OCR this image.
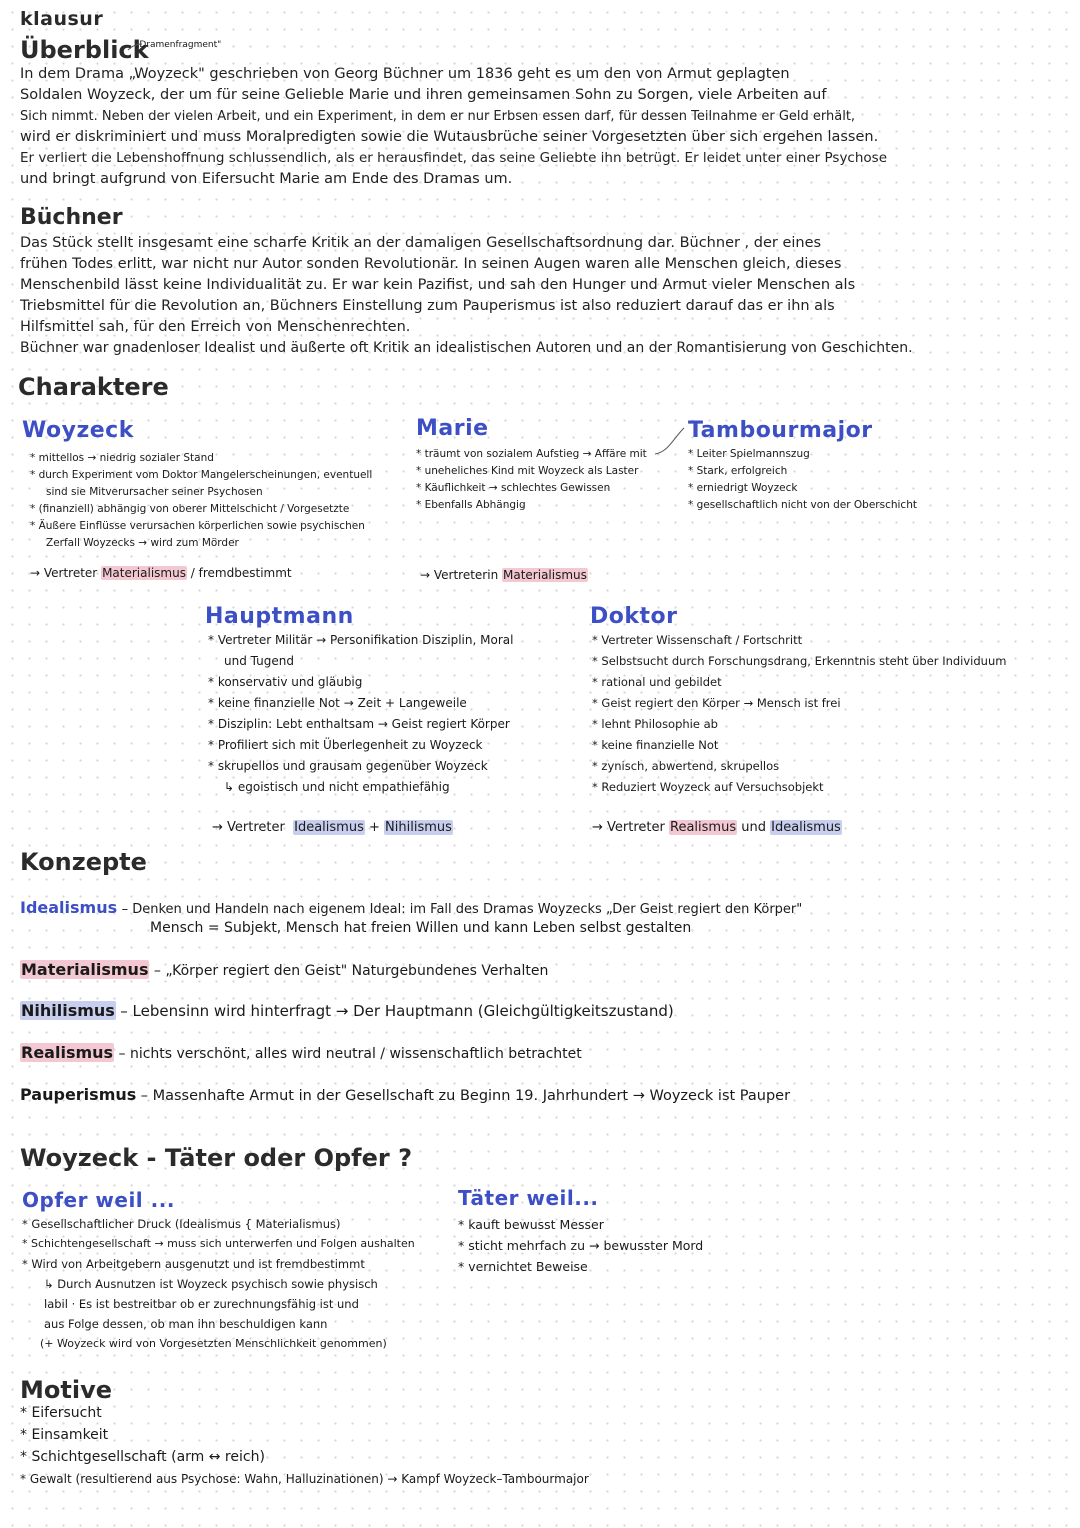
klausur
Überblick
„Dramenfragment"

In dem Drama „Woyzeck" geschrieben von Georg Büchner um 1836 geht es um den von Armut geplagten

Soldalen Woyzeck, der um für seine Gelieble Marie und ihren gemeinsamen Sohn zu Sorgen, viele Arbeiten auf

Sich nimmt. Neben der vielen Arbeit, und ein Experiment, in dem er nur Erbsen essen darf, für dessen Teilnahme er Geld erhält,

wird er diskriminiert und muss Moralpredigten sowie die Wutausbrüche seiner Vorgesetzten über sich ergehen lassen.

Er verliert die Lebenshoffnung schlussendlich, als er herausfindet, das seine Geliebte ihn betrügt. Er leidet unter einer Psychose

und bringt aufgrund von Eifersucht Marie am Ende des Dramas um.

Büchner

Das Stück stellt insgesamt eine scharfe Kritik an der damaligen Gesellschaftsordnung dar. Büchner , der eines

frühen Todes erlitt, war nicht nur Autor sonden Revolutionär. In seinen Augen waren alle Menschen gleich, dieses

Menschenbild lässt keine Individualität zu. Er war kein Pazifist, und sah den Hunger und Armut vieler Menschen als

Triebsmittel für die Revolution an, Büchners Einstellung zum Pauperismus ist also reduziert darauf das er ihn als

Hilfsmittel sah, für den Erreich von Menschenrechten.

Büchner war gnadenloser Idealist und äußerte oft Kritik an idealistischen Autoren und an der Romantisierung von Geschichten.

Charaktere
Woyzeck
* mittellos → niedrig sozialer Stand
* durch Experiment vom Doktor Mangelerscheinungen, eventuell
sind sie Mitverursacher seiner Psychosen
* (finanziell) abhängig von oberer Mittelschicht / Vorgesetzte
* Äußere Einflüsse verursachen körperlichen sowie psychischen
Zerfall Woyzecks → wird zum Mörder
→ Vertreter Materialismus / fremdbestimmt
Marie
* träumt von sozialem Aufstieg → Affäre mit
* uneheliches Kind mit Woyzeck als Laster
* Käuflichkeit → schlechtes Gewissen
* Ebenfalls Abhängig
→ Vertreterin Materialismus
Tambourmajor
* Leiter Spielmannszug
* Stark, erfolgreich
* erniedrigt Woyzeck
* gesellschaftlich nicht von der Oberschicht
Hauptmann
* Vertreter Militär → Personifikation Disziplin, Moral
und Tugend
* konservativ und gläubig
* keine finanzielle Not → Zeit + Langeweile
* Disziplin: Lebt enthaltsam → Geist regiert Körper
* Profiliert sich mit Überlegenheit zu Woyzeck
* skrupellos und grausam gegenüber Woyzeck
↳ egoistisch und nicht empathiefähig
→ Vertreter Idealismus + Nihilismus
Doktor
* Vertreter Wissenschaft / Fortschritt
* Selbstsucht durch Forschungsdrang, Erkenntnis steht über Individuum
* rational und gebildet
* Geist regiert den Körper → Mensch ist frei
* lehnt Philosophie ab
* keine finanzielle Not
* zynisch, abwertend, skrupellos
* Reduziert Woyzeck auf Versuchsobjekt
→ Vertreter Realismus und Idealismus
Konzepte
Idealismus – Denken und Handeln nach eigenem Ideal: im Fall des Dramas Woyzecks „Der Geist regiert den Körper"
Mensch = Subjekt, Mensch hat freien Willen und kann Leben selbst gestalten
Materialismus – „Körper regiert den Geist" Naturgebundenes Verhalten
Nihilismus – Lebensinn wird hinterfragt → Der Hauptmann (Gleichgültigkeitszustand)
Realismus – nichts verschönt, alles wird neutral / wissenschaftlich betrachtet
Pauperismus – Massenhafte Armut in der Gesellschaft zu Beginn 19. Jahrhundert → Woyzeck ist Pauper
Woyzeck - Täter oder Opfer ?
Opfer weil ...
* Gesellschaftlicher Druck (Idealismus { Materialismus)
* Schichtengesellschaft → muss sich unterwerfen und Folgen aushalten
* Wird von Arbeitgebern ausgenutzt und ist fremdbestimmt
↳ Durch Ausnutzen ist Woyzeck psychisch sowie physisch
labil · Es ist bestreitbar ob er zurechnungsfähig ist und
aus Folge dessen, ob man ihn beschuldigen kann
(+ Woyzeck wird von Vorgesetzten Menschlichkeit genommen)
Täter weil...
* kauft bewusst Messer
* sticht mehrfach zu → bewusster Mord
* vernichtet Beweise
Motive
* Eifersucht
* Einsamkeit
* Schichtgesellschaft (arm ↔ reich)
* Gewalt (resultierend aus Psychose: Wahn, Halluzinationen) → Kampf Woyzeck–Tambourmajor
